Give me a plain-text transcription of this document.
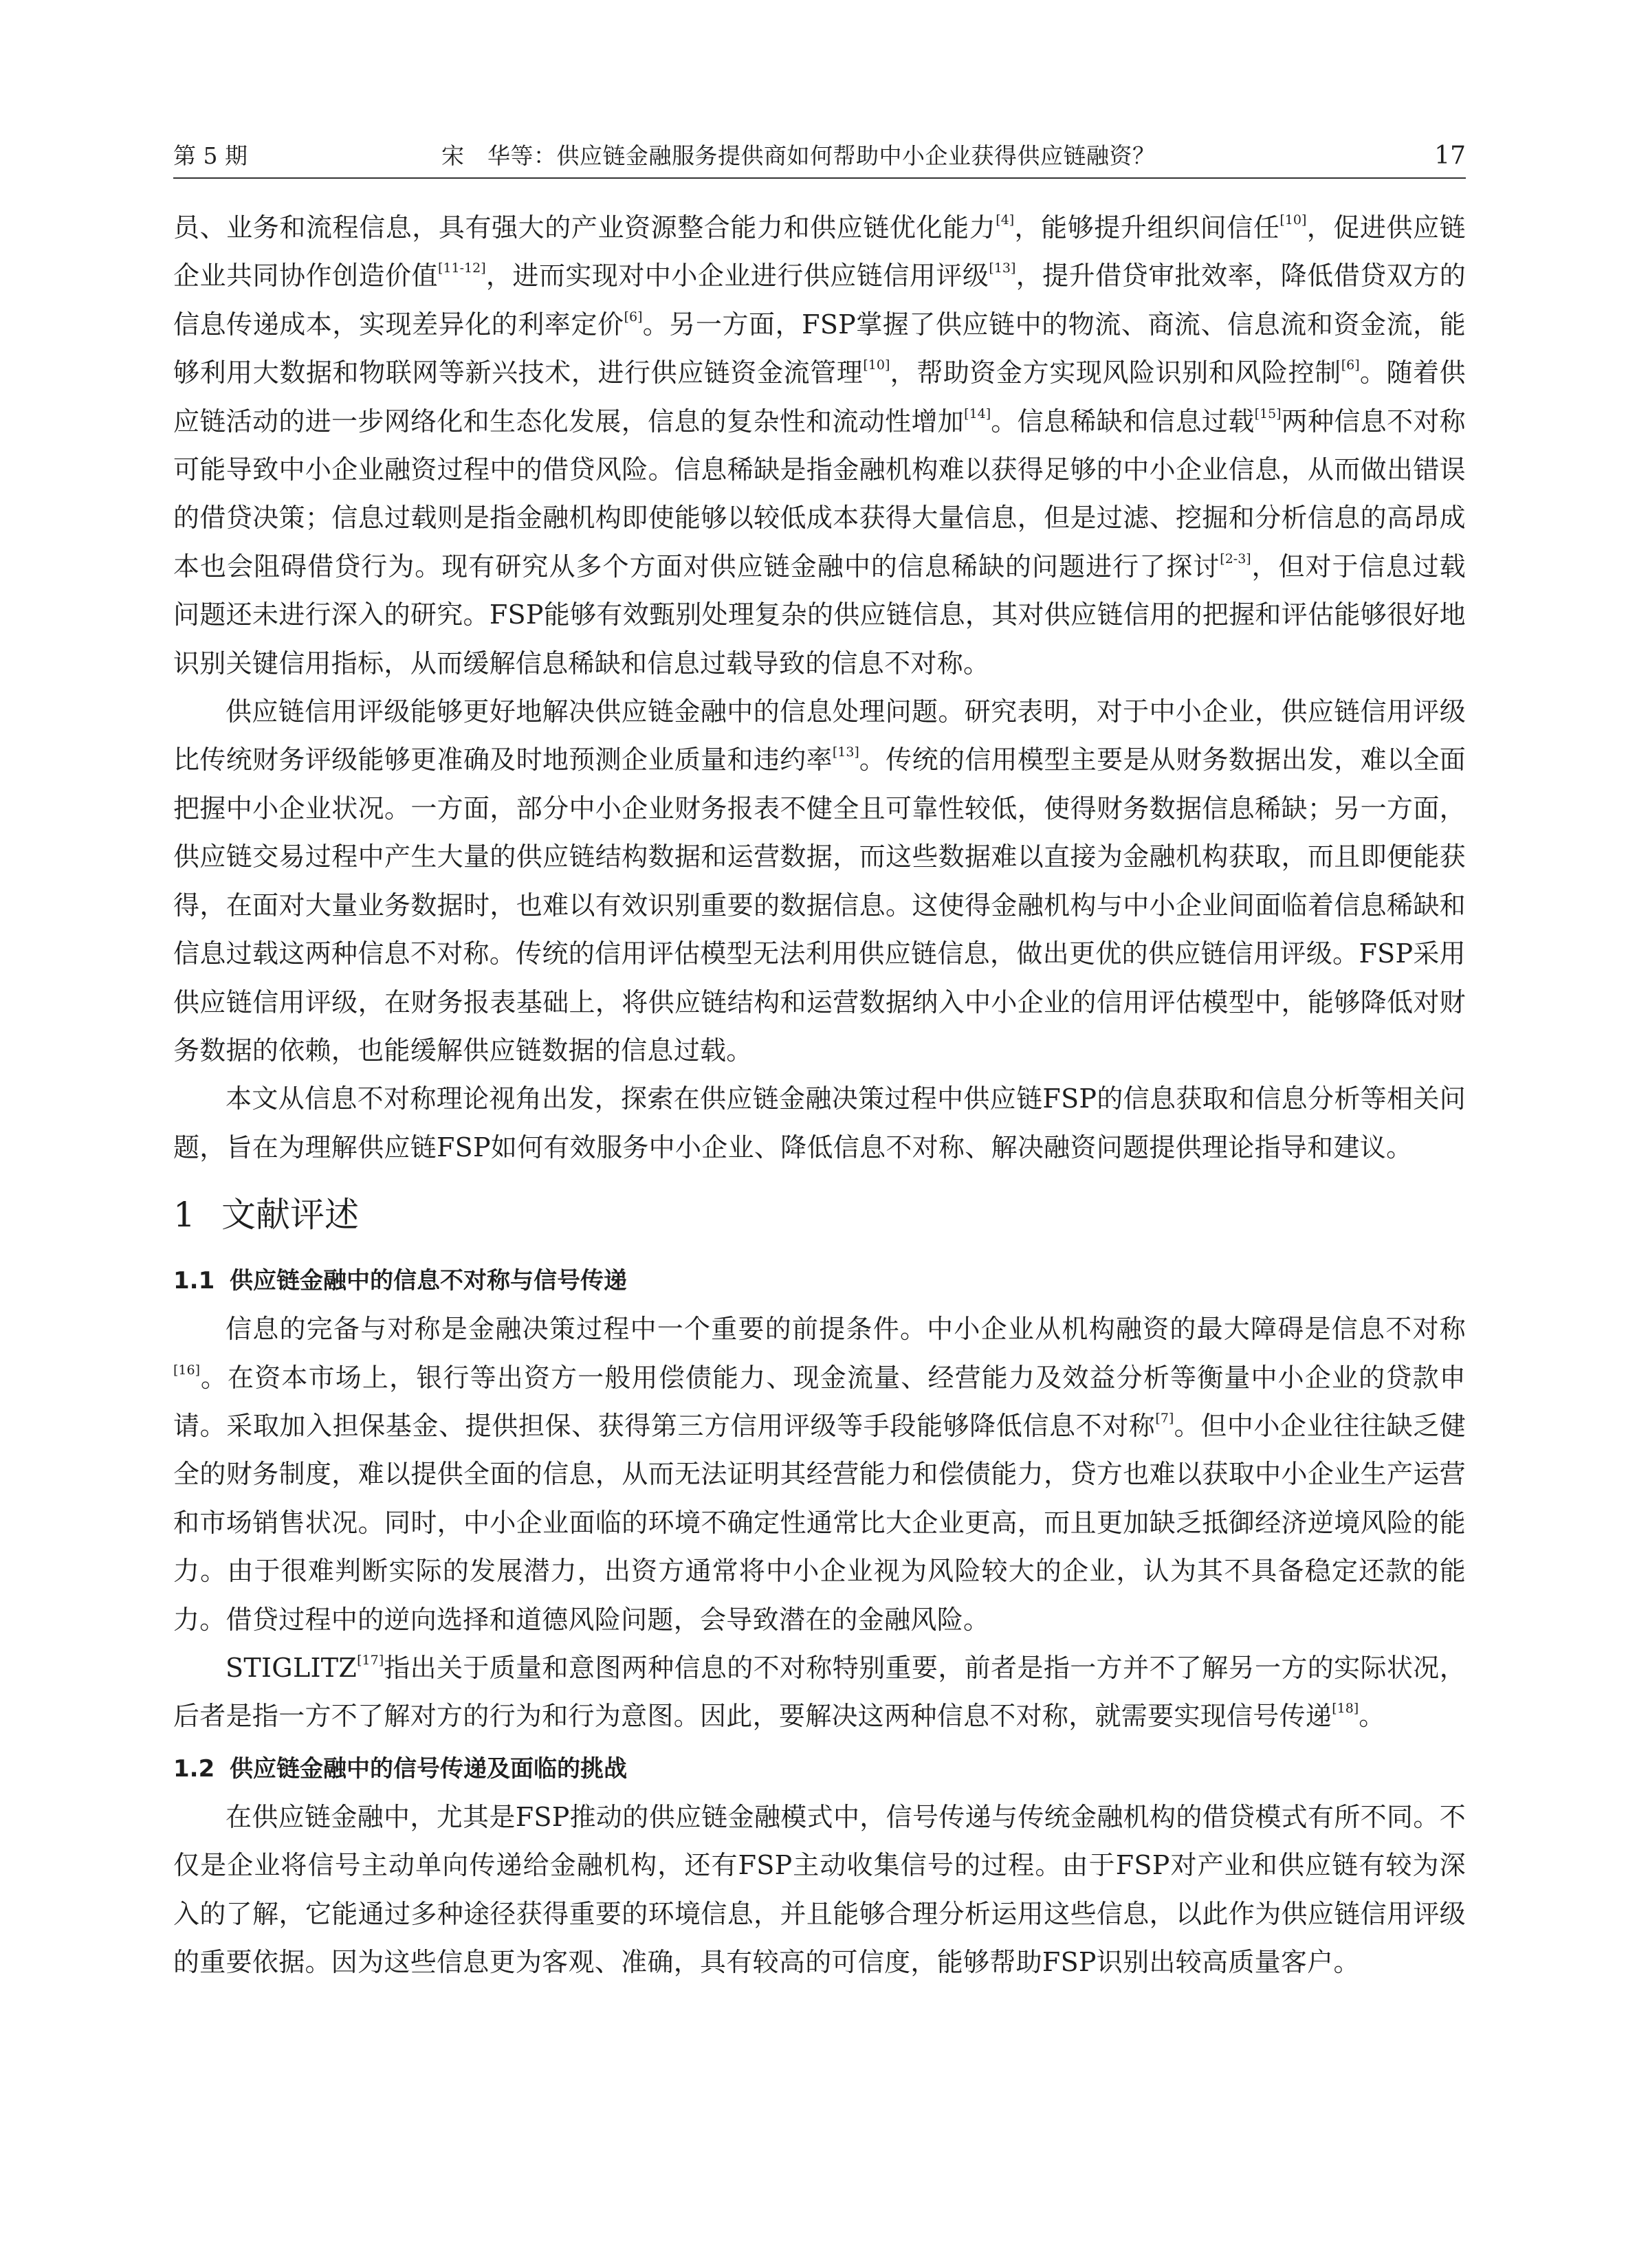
第 5 期	宋　华等：供应链金融服务提供商如何帮助中小企业获得供应链融资？	17

员、业务和流程信息，具有强大的产业资源整合能力和供应链优化能力[4]，能够提升组织间信任[10]，促进供应链企业共同协作创造价值[11-12]，进而实现对中小企业进行供应链信用评级[13]，提升借贷审批效率，降低借贷双方的信息传递成本，实现差异化的利率定价[6]。另一方面，FSP掌握了供应链中的物流、商流、信息流和资金流，能够利用大数据和物联网等新兴技术，进行供应链资金流管理[10]，帮助资金方实现风险识别和风险控制[6]。随着供应链活动的进一步网络化和生态化发展，信息的复杂性和流动性增加[14]。信息稀缺和信息过载[15]两种信息不对称可能导致中小企业融资过程中的借贷风险。信息稀缺是指金融机构难以获得足够的中小企业信息，从而做出错误的借贷决策；信息过载则是指金融机构即使能够以较低成本获得大量信息，但是过滤、挖掘和分析信息的高昂成本也会阻碍借贷行为。现有研究从多个方面对供应链金融中的信息稀缺的问题进行了探讨[2-3]，但对于信息过载问题还未进行深入的研究。FSP能够有效甄别处理复杂的供应链信息，其对供应链信用的把握和评估能够很好地识别关键信用指标，从而缓解信息稀缺和信息过载导致的信息不对称。

供应链信用评级能够更好地解决供应链金融中的信息处理问题。研究表明，对于中小企业，供应链信用评级比传统财务评级能够更准确及时地预测企业质量和违约率[13]。传统的信用模型主要是从财务数据出发，难以全面把握中小企业状况。一方面，部分中小企业财务报表不健全且可靠性较低，使得财务数据信息稀缺；另一方面，供应链交易过程中产生大量的供应链结构数据和运营数据，而这些数据难以直接为金融机构获取，而且即便能获得，在面对大量业务数据时，也难以有效识别重要的数据信息。这使得金融机构与中小企业间面临着信息稀缺和信息过载这两种信息不对称。传统的信用评估模型无法利用供应链信息，做出更优的供应链信用评级。FSP采用供应链信用评级，在财务报表基础上，将供应链结构和运营数据纳入中小企业的信用评估模型中，能够降低对财务数据的依赖，也能缓解供应链数据的信息过载。

本文从信息不对称理论视角出发，探索在供应链金融决策过程中供应链FSP的信息获取和信息分析等相关问题，旨在为理解供应链FSP如何有效服务中小企业、降低信息不对称、解决融资问题提供理论指导和建议。

1 文献评述
1.1 供应链金融中的信息不对称与信号传递

信息的完备与对称是金融决策过程中一个重要的前提条件。中小企业从机构融资的最大障碍是信息不对称[16]。在资本市场上，银行等出资方一般用偿债能力、现金流量、经营能力及效益分析等衡量中小企业的贷款申请。采取加入担保基金、提供担保、获得第三方信用评级等手段能够降低信息不对称[7]。但中小企业往往缺乏健全的财务制度，难以提供全面的信息，从而无法证明其经营能力和偿债能力，贷方也难以获取中小企业生产运营和市场销售状况。同时，中小企业面临的环境不确定性通常比大企业更高，而且更加缺乏抵御经济逆境风险的能力。由于很难判断实际的发展潜力，出资方通常将中小企业视为风险较大的企业，认为其不具备稳定还款的能力。借贷过程中的逆向选择和道德风险问题，会导致潜在的金融风险。

STIGLITZ[17]指出关于质量和意图两种信息的不对称特别重要，前者是指一方并不了解另一方的实际状况，后者是指一方不了解对方的行为和行为意图。因此，要解决这两种信息不对称，就需要实现信号传递[18]。

1.2 供应链金融中的信号传递及面临的挑战

在供应链金融中，尤其是FSP推动的供应链金融模式中，信号传递与传统金融机构的借贷模式有所不同。不仅是企业将信号主动单向传递给金融机构，还有FSP主动收集信号的过程。由于FSP对产业和供应链有较为深入的了解，它能通过多种途径获得重要的环境信息，并且能够合理分析运用这些信息，以此作为供应链信用评级的重要依据。因为这些信息更为客观、准确，具有较高的可信度，能够帮助FSP识别出较高质量客户。
